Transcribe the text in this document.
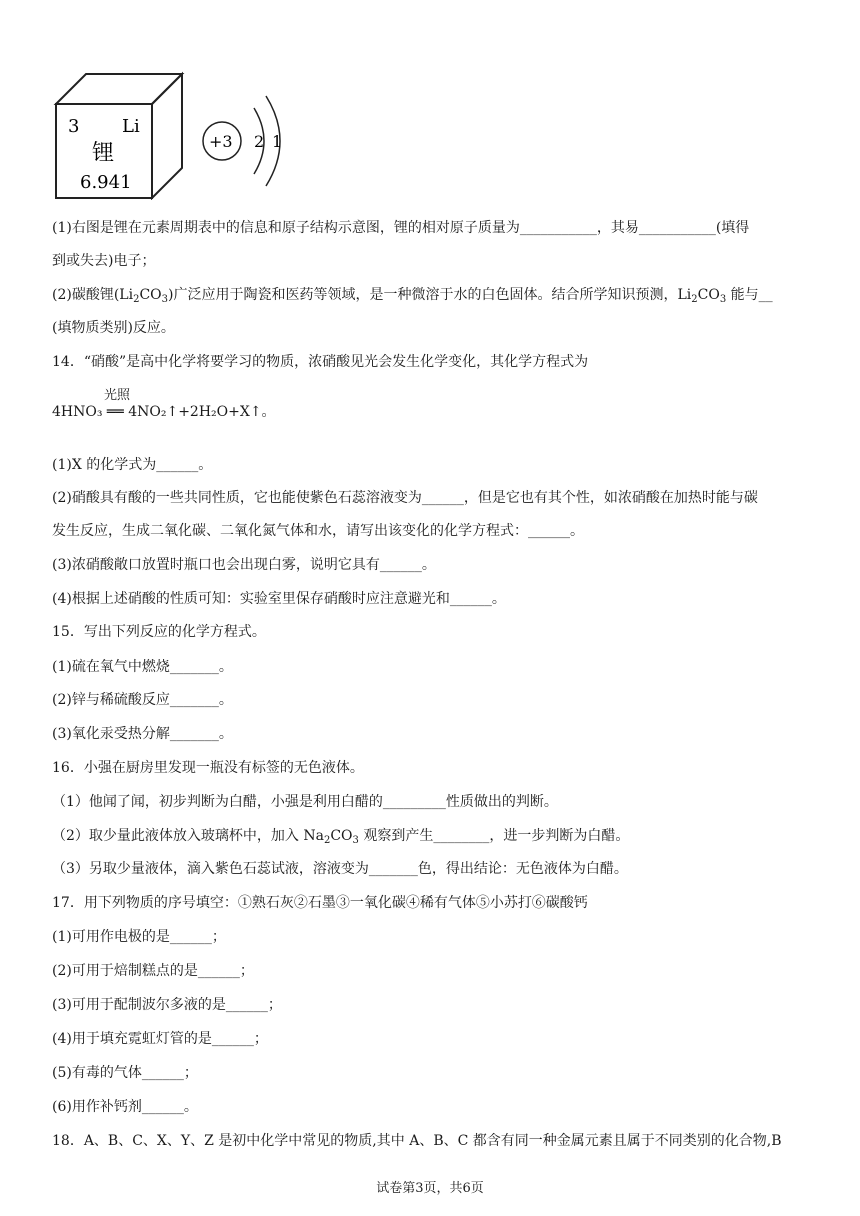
3 Li
锂
6.941
+3 2 1
(1)右图是锂在元素周期表中的信息和原子结构示意图，锂的相对原子质量为___________，其易___________(填得
到或失去)电子；
(2)碳酸锂$(Li_2CO_3)$广泛应用于陶瓷和医药等领域，是一种微溶于水的白色固体。结合所学知识预测，$Li_2CO_3$ 能与__
(填物质类别)反应。
14．“硝酸”是高中化学将要学习的物质，浓硝酸见光会发生化学变化，其化学方程式为
光照
4HNO₃ ══ 4NO₂↑+2H₂O+X↑。
(1)X 的化学式为______。
(2)硝酸具有酸的一些共同性质，它也能使紫色石蕊溶液变为______，但是它也有其个性，如浓硝酸在加热时能与碳
发生反应，生成二氧化碳、二氧化氮气体和水，请写出该变化的化学方程式：______。
(3)浓硝酸敞口放置时瓶口也会出现白雾，说明它具有______。
(4)根据上述硝酸的性质可知：实验室里保存硝酸时应注意避光和______。
15．写出下列反应的化学方程式。
(1)硫在氧气中燃烧_______。
(2)锌与稀硫酸反应_______。
(3)氧化汞受热分解_______。
16．小强在厨房里发现一瓶没有标签的无色液体。
（1）他闻了闻，初步判断为白醋，小强是利用白醋的_________性质做出的判断。
（2）取少量此液体放入玻璃杯中，加入 $Na_2CO_3$ 观察到产生________，进一步判断为白醋。
（3）另取少量液体，滴入紫色石蕊试液，溶液变为_______色，得出结论：无色液体为白醋。
17．用下列物质的序号填空：①熟石灰②石墨③一氧化碳④稀有气体⑤小苏打⑥碳酸钙
(1)可用作电极的是______；
(2)可用于焙制糕点的是______；
(3)可用于配制波尔多液的是______；
(4)用于填充霓虹灯管的是______；
(5)有毒的气体______；
(6)用作补钙剂______。
18．A、B、C、X、Y、Z 是初中化学中常见的物质,其中 A、B、C 都含有同一种金属元素且属于不同类别的化合物,B
试卷第3页，共6页
